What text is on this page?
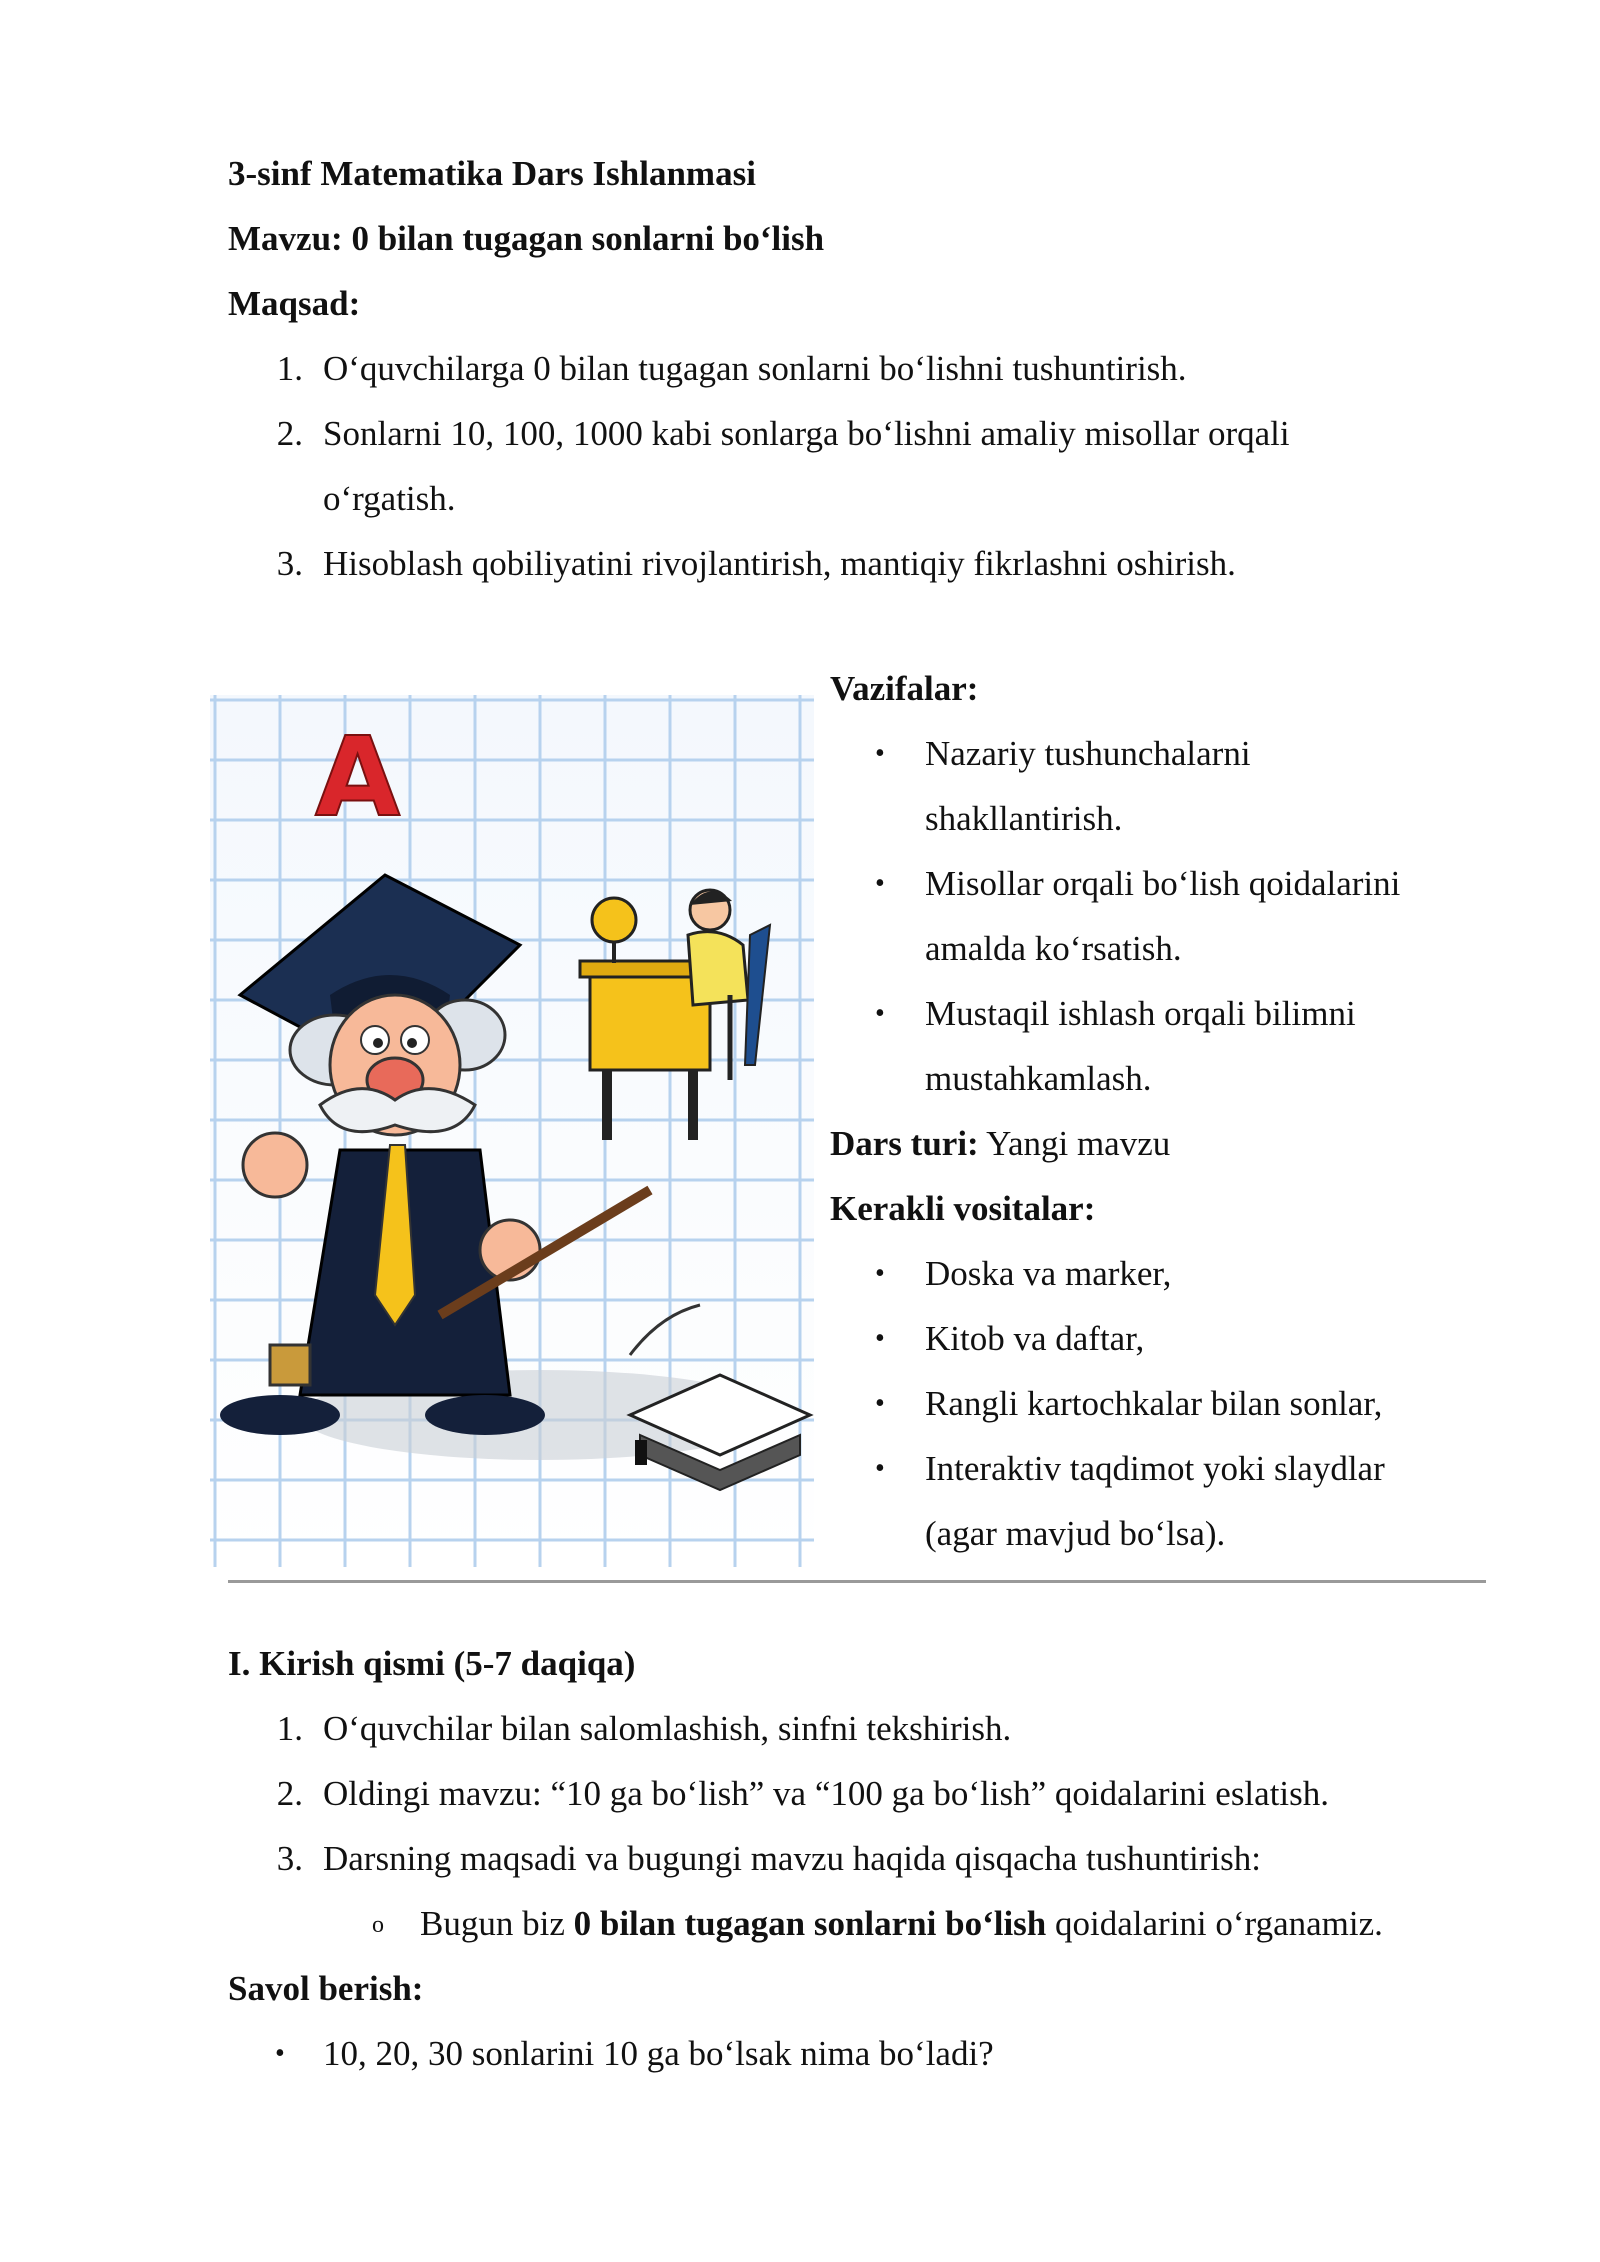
3-sinf Matematika Dars Ishlanmasi
Mavzu: 0 bilan tugagan sonlarni bo‘lish
Maqsad:
1. O‘quvchilarga 0 bilan tugagan sonlarni bo‘lishni tushuntirish.
2. Sonlarni 10, 100, 1000 kabi sonlarga bo‘lishni amaliy misollar orqali
o‘rgatish.
3. Hisoblash qobiliyatini rivojlantirish, mantiqiy fikrlashni oshirish.
A
Vazifalar:
• Nazariy tushunchalarni
shakllantirish.
• Misollar orqali bo‘lish qoidalarini
amalda ko‘rsatish.
• Mustaqil ishlash orqali bilimni
mustahkamlash.
Dars turi: Yangi mavzu
Kerakli vositalar:
• Doska va marker,
• Kitob va daftar,
• Rangli kartochkalar bilan sonlar,
• Interaktiv taqdimot yoki slaydlar
(agar mavjud bo‘lsa).
I. Kirish qismi (5-7 daqiqa)
1. O‘quvchilar bilan salomlashish, sinfni tekshirish.
2. Oldingi mavzu: “10 ga bo‘lish” va “100 ga bo‘lish” qoidalarini eslatish.
3. Darsning maqsadi va bugungi mavzu haqida qisqacha tushuntirish:
o Bugun biz 0 bilan tugagan sonlarni bo‘lish qoidalarini o‘rganamiz.
Savol berish:
• 10, 20, 30 sonlarini 10 ga bo‘lsak nima bo‘ladi?
